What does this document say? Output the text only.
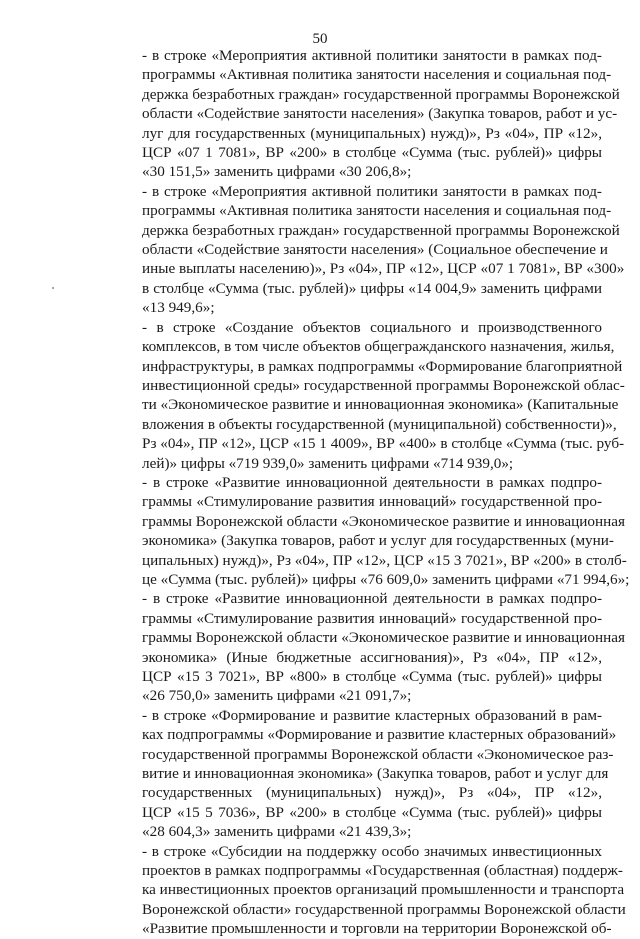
50
- в строке «Мероприятия активной политики занятости в рамках под-
программы «Активная политика занятости населения и социальная под-
держка безработных граждан» государственной программы Воронежской
области «Содействие занятости населения» (Закупка товаров, работ и ус-
луг для государственных (муниципальных) нужд)», Рз «04», ПР «12»,
ЦСР «07 1 7081», ВР «200» в столбце «Сумма (тыс. рублей)» цифры
«30 151,5» заменить цифрами «30 206,8»;
- в строке «Мероприятия активной политики занятости в рамках под-
программы «Активная политика занятости населения и социальная под-
держка безработных граждан» государственной программы Воронежской
области «Содействие занятости населения» (Социальное обеспечение и
иные выплаты населению)», Рз «04», ПР «12», ЦСР «07 1 7081», ВР «300»
в столбце «Сумма (тыс. рублей)» цифры «14 004,9» заменить цифрами
«13 949,6»;
- в строке «Создание объектов социального и производственного
комплексов, в том числе объектов общегражданского назначения, жилья,
инфраструктуры, в рамках подпрограммы «Формирование благоприятной
инвестиционной среды» государственной программы Воронежской облас-
ти «Экономическое развитие и инновационная экономика» (Капитальные
вложения в объекты государственной (муниципальной) собственности)»,
Рз «04», ПР «12», ЦСР «15 1 4009», ВР «400» в столбце «Сумма (тыс. руб-
лей)» цифры «719 939,0» заменить цифрами «714 939,0»;
- в строке «Развитие инновационной деятельности в рамках подпро-
граммы «Стимулирование развития инноваций» государственной про-
граммы Воронежской области «Экономическое развитие и инновационная
экономика» (Закупка товаров, работ и услуг для государственных (муни-
ципальных) нужд)», Рз «04», ПР «12», ЦСР «15 3 7021», ВР «200» в столб-
це «Сумма (тыс. рублей)» цифры «76 609,0» заменить цифрами «71 994,6»;
- в строке «Развитие инновационной деятельности в рамках подпро-
граммы «Стимулирование развития инноваций» государственной про-
граммы Воронежской области «Экономическое развитие и инновационная
экономика» (Иные бюджетные ассигнования)», Рз «04», ПР «12»,
ЦСР «15 3 7021», ВР «800» в столбце «Сумма (тыс. рублей)» цифры
«26 750,0» заменить цифрами «21 091,7»;
- в строке «Формирование и развитие кластерных образований в рам-
ках подпрограммы «Формирование и развитие кластерных образований»
государственной программы Воронежской области «Экономическое раз-
витие и инновационная экономика» (Закупка товаров, работ и услуг для
государственных (муниципальных) нужд)», Рз «04», ПР «12»,
ЦСР «15 5 7036», ВР «200» в столбце «Сумма (тыс. рублей)» цифры
«28 604,3» заменить цифрами «21 439,3»;
- в строке «Субсидии на поддержку особо значимых инвестиционных
проектов в рамках подпрограммы «Государственная (областная) поддерж-
ка инвестиционных проектов организаций промышленности и транспорта
Воронежской области» государственной программы Воронежской области
«Развитие промышленности и торговли на территории Воронежской об-
